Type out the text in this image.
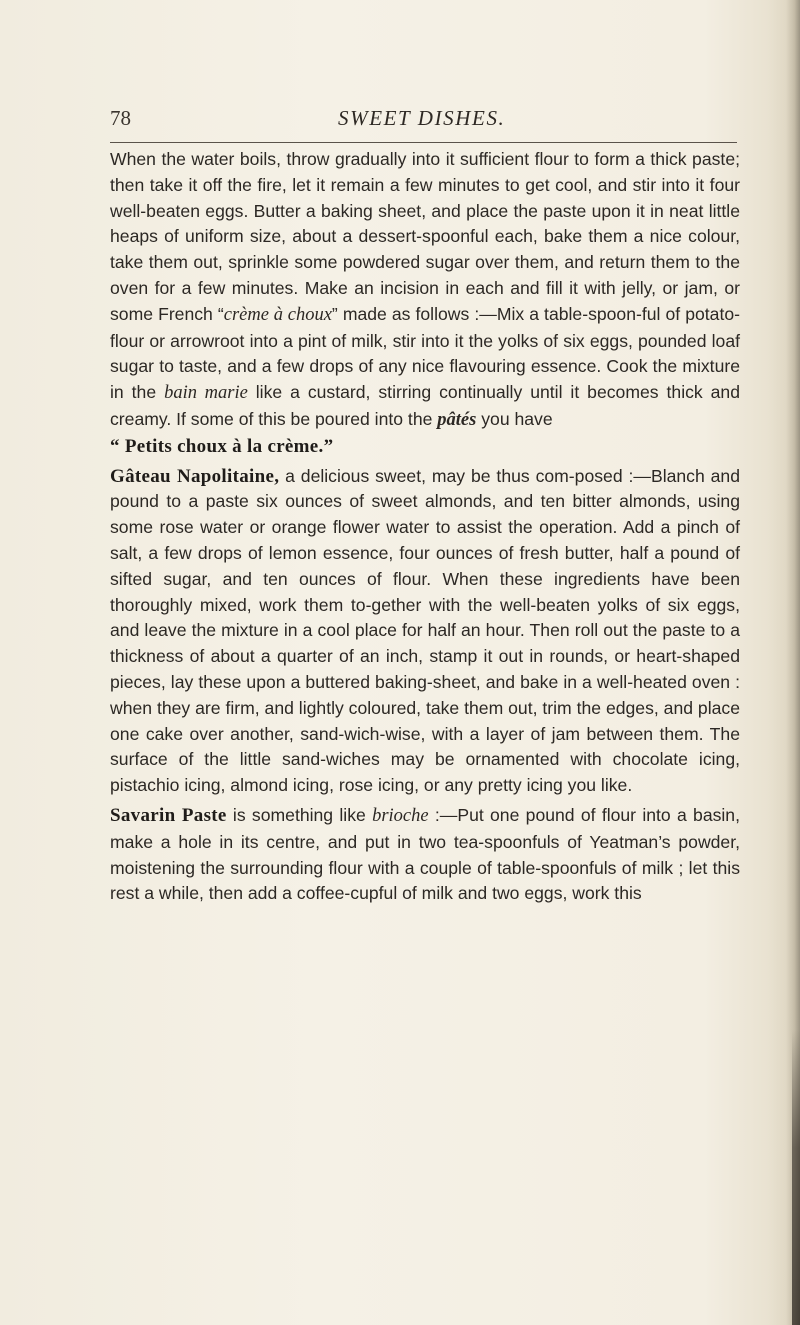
78	SWEET DISHES.

When the water boils, throw gradually into it sufficient flour to form a thick paste; then take it off the fire, let it remain a few minutes to get cool, and stir into it four well-beaten eggs. Butter a baking sheet, and place the paste upon it in neat little heaps of uniform size, about a dessert-spoonful each, bake them a nice colour, take them out, sprinkle some powdered sugar over them, and return them to the oven for a few minutes. Make an incision in each and fill it with jelly, or jam, or some French “crème à choux” made as follows :—Mix a table-spoon-ful of potato-flour or arrowroot into a pint of milk, stir into it the yolks of six eggs, pounded loaf sugar to taste, and a few drops of any nice flavouring essence. Cook the mixture in the bain marie like a custard, stirring continually until it becomes thick and creamy. If some of this be poured into the pâtés you have
“ Petits choux à la crème.”

Gâteau Napolitaine, a delicious sweet, may be thus com-posed :—Blanch and pound to a paste six ounces of sweet almonds, and ten bitter almonds, using some rose water or orange flower water to assist the operation. Add a pinch of salt, a few drops of lemon essence, four ounces of fresh butter, half a pound of sifted sugar, and ten ounces of flour. When these ingredients have been thoroughly mixed, work them to-gether with the well-beaten yolks of six eggs, and leave the mixture in a cool place for half an hour. Then roll out the paste to a thickness of about a quarter of an inch, stamp it out in rounds, or heart-shaped pieces, lay these upon a buttered baking-sheet, and bake in a well-heated oven : when they are firm, and lightly coloured, take them out, trim the edges, and place one cake over another, sand-wich-wise, with a layer of jam between them. The surface of the little sand-wiches may be ornamented with chocolate icing, pistachio icing, almond icing, rose icing, or any pretty icing you like.

Savarin Paste is something like brioche :—Put one pound of flour into a basin, make a hole in its centre, and put in two tea-spoonfuls of Yeatman’s powder, moistening the surrounding flour with a couple of table-spoonfuls of milk ; let this rest a while, then add a coffee-cupful of milk and two eggs, work this
